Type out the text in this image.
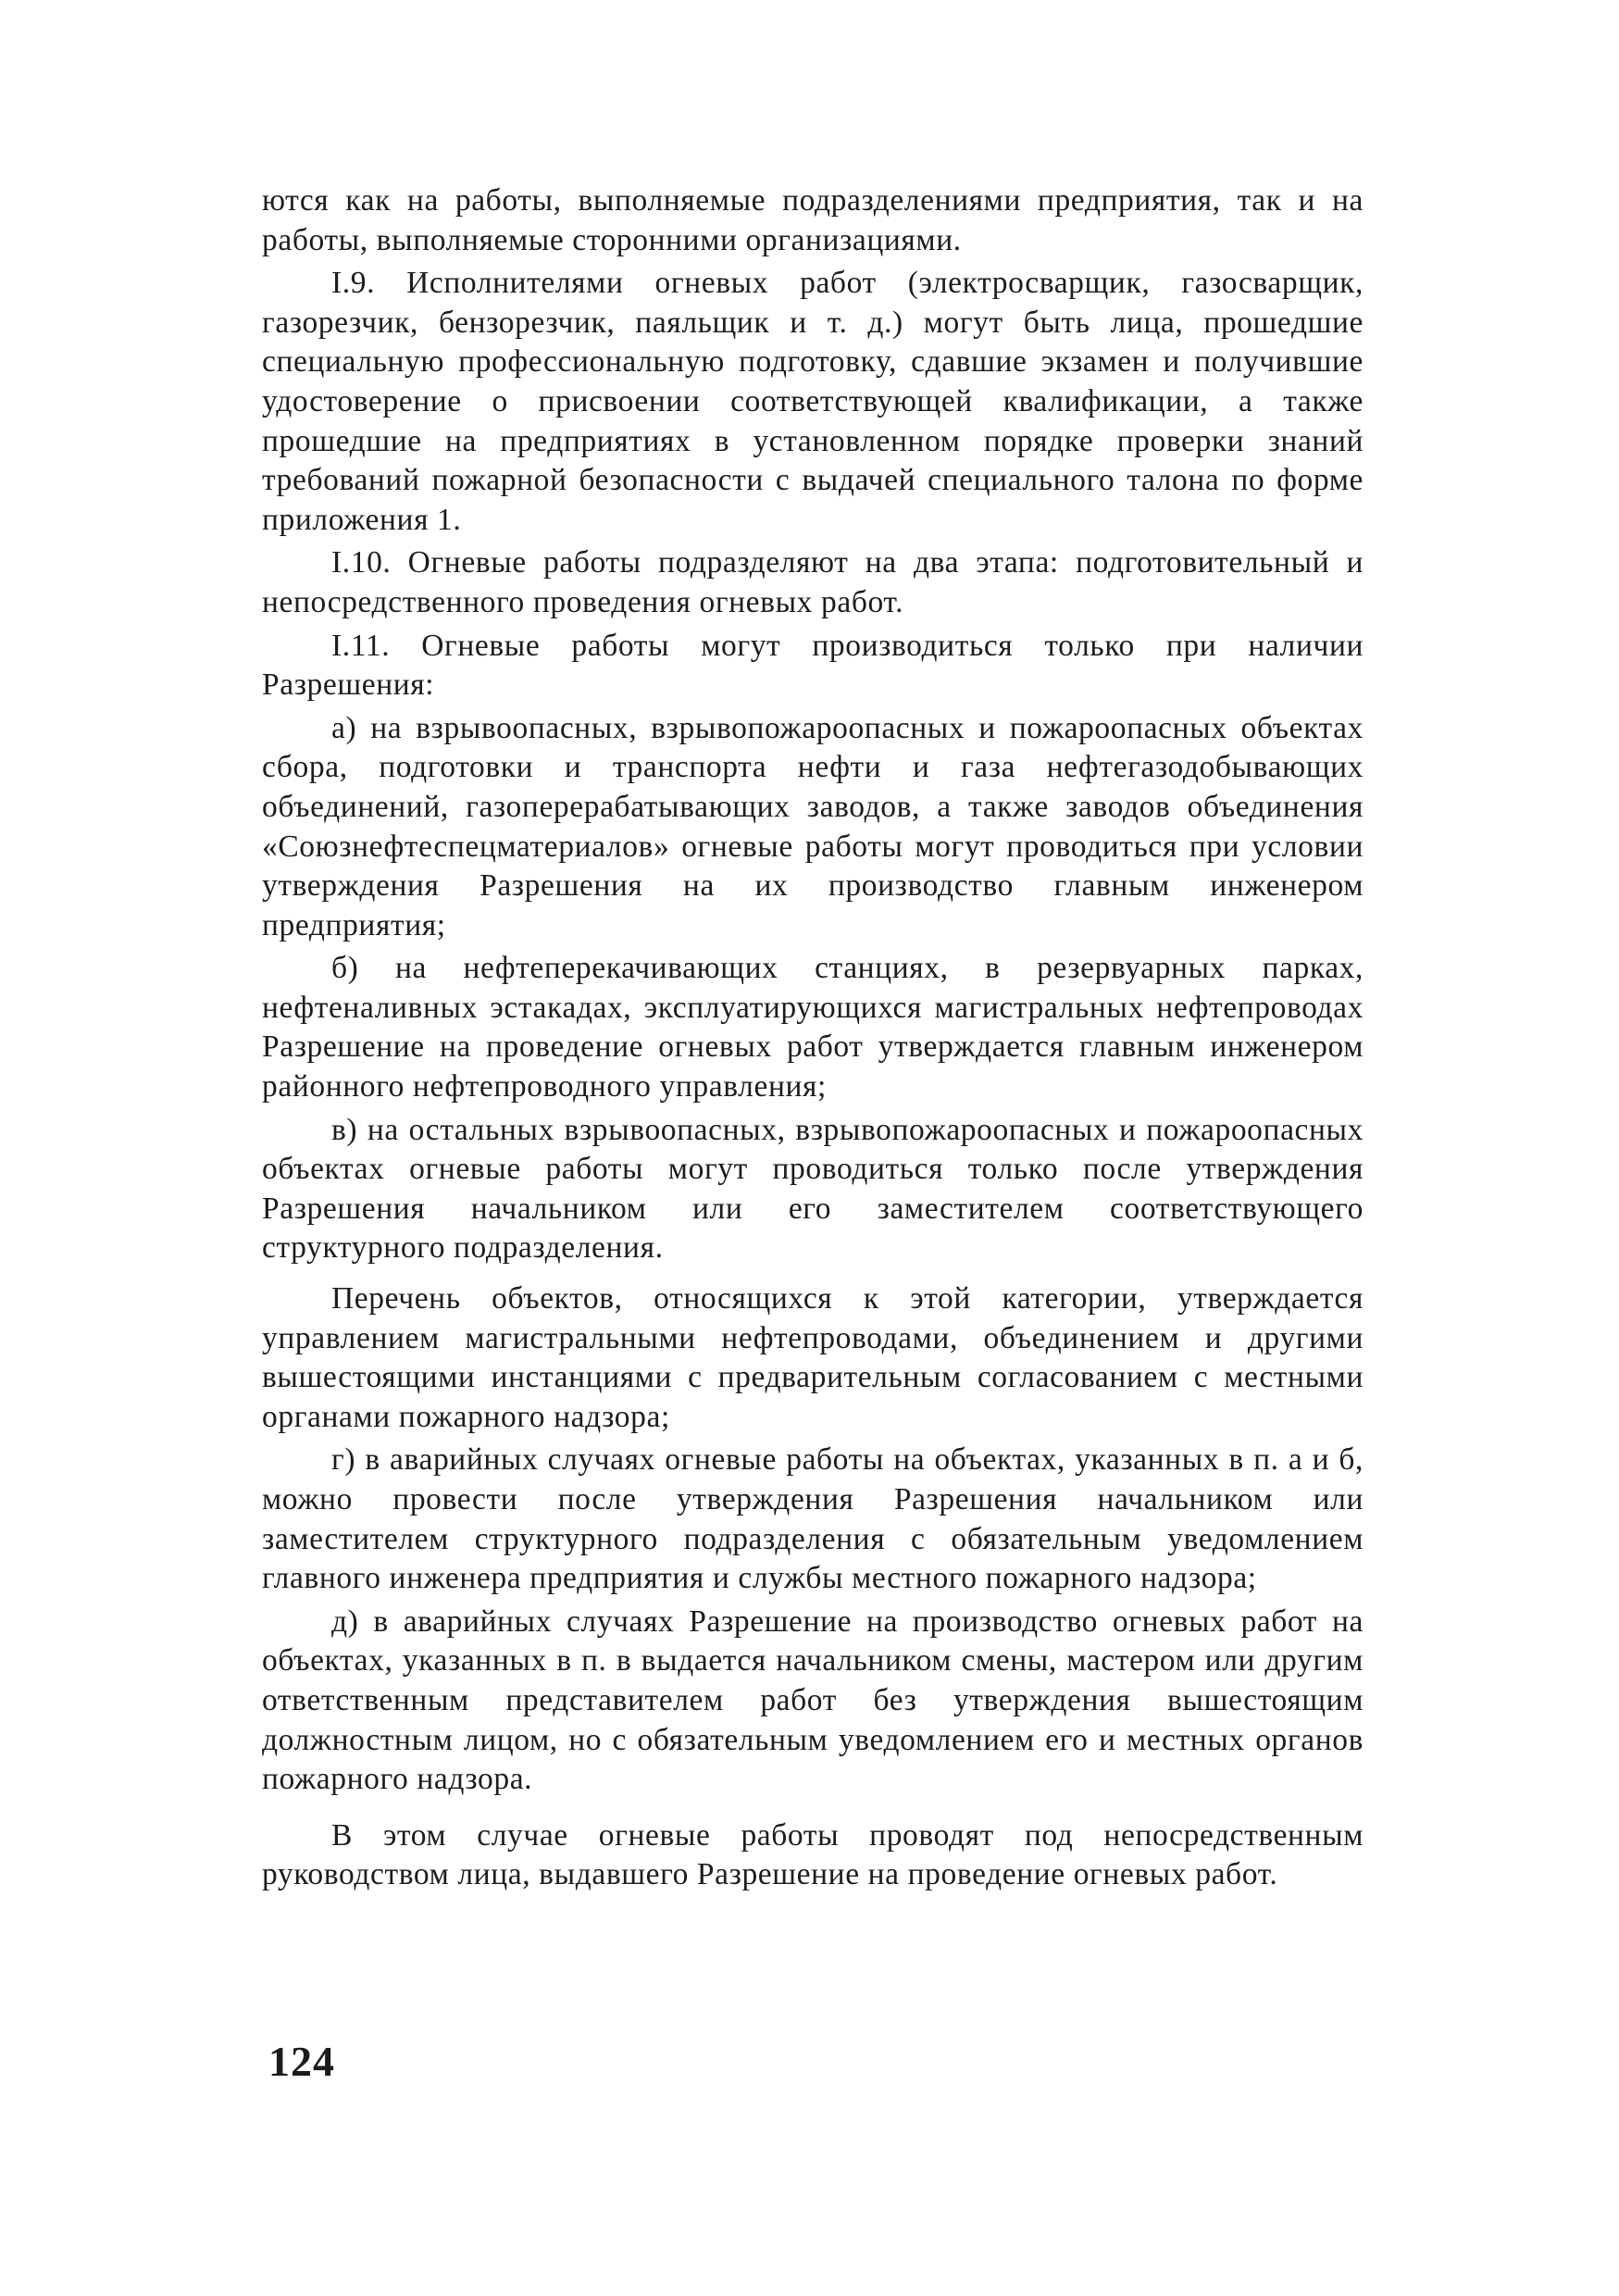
ются как на работы, выполняемые подразделениями предприятия, так и на работы, выполняемые сторонними организациями.

І.9. Исполнителями огневых работ (электросварщик, газосварщик, газорезчик, бензорезчик, паяльщик и т. д.) могут быть лица, прошедшие специальную профессиональную подготовку, сдавшие экзамен и получившие удостоверение о присвоении соответствующей квалификации, а также прошедшие на предприятиях в установленном порядке проверки знаний требований пожарной безопасности с выдачей специального талона по форме приложения 1.

І.10. Огневые работы подразделяют на два этапа: подготовительный и непосредственного проведения огневых работ.

І.11. Огневые работы могут производиться только при наличии Разрешения:

а) на взрывоопасных, взрывопожароопасных и пожароопасных объектах сбора, подготовки и транспорта нефти и газа нефтегазодобывающих объединений, газоперерабатывающих заводов, а также заводов объединения «Союзнефтеспецматериалов» огневые работы могут проводиться при условии утверждения Разрешения на их производство главным инженером предприятия;

б) на нефтеперекачивающих станциях, в резервуарных парках, нефтеналивных эстакадах, эксплуатирующихся магистральных нефтепроводах Разрешение на проведение огневых работ утверждается главным инженером районного нефтепроводного управления;

в) на остальных взрывоопасных, взрывопожароопасных и пожароопасных объектах огневые работы могут проводиться только после утверждения Разрешения начальником или его заместителем соответствующего структурного подразделения.

Перечень объектов, относящихся к этой категории, утверждается управлением магистральными нефтепроводами, объединением и другими вышестоящими инстанциями с предварительным согласованием с местными органами пожарного надзора;

г) в аварийных случаях огневые работы на объектах, указанных в п. а и б, можно провести после утверждения Разрешения начальником или заместителем структурного подразделения с обязательным уведомлением главного инженера предприятия и службы местного пожарного надзора;

д) в аварийных случаях Разрешение на производство огневых работ на объектах, указанных в п. в выдается начальником смены, мастером или другим ответственным представителем работ без утверждения вышестоящим должностным лицом, но с обязательным уведомлением его и местных органов пожарного надзора.

В этом случае огневые работы проводят под непосредственным руководством лица, выдавшего Разрешение на проведение огневых работ.

124
